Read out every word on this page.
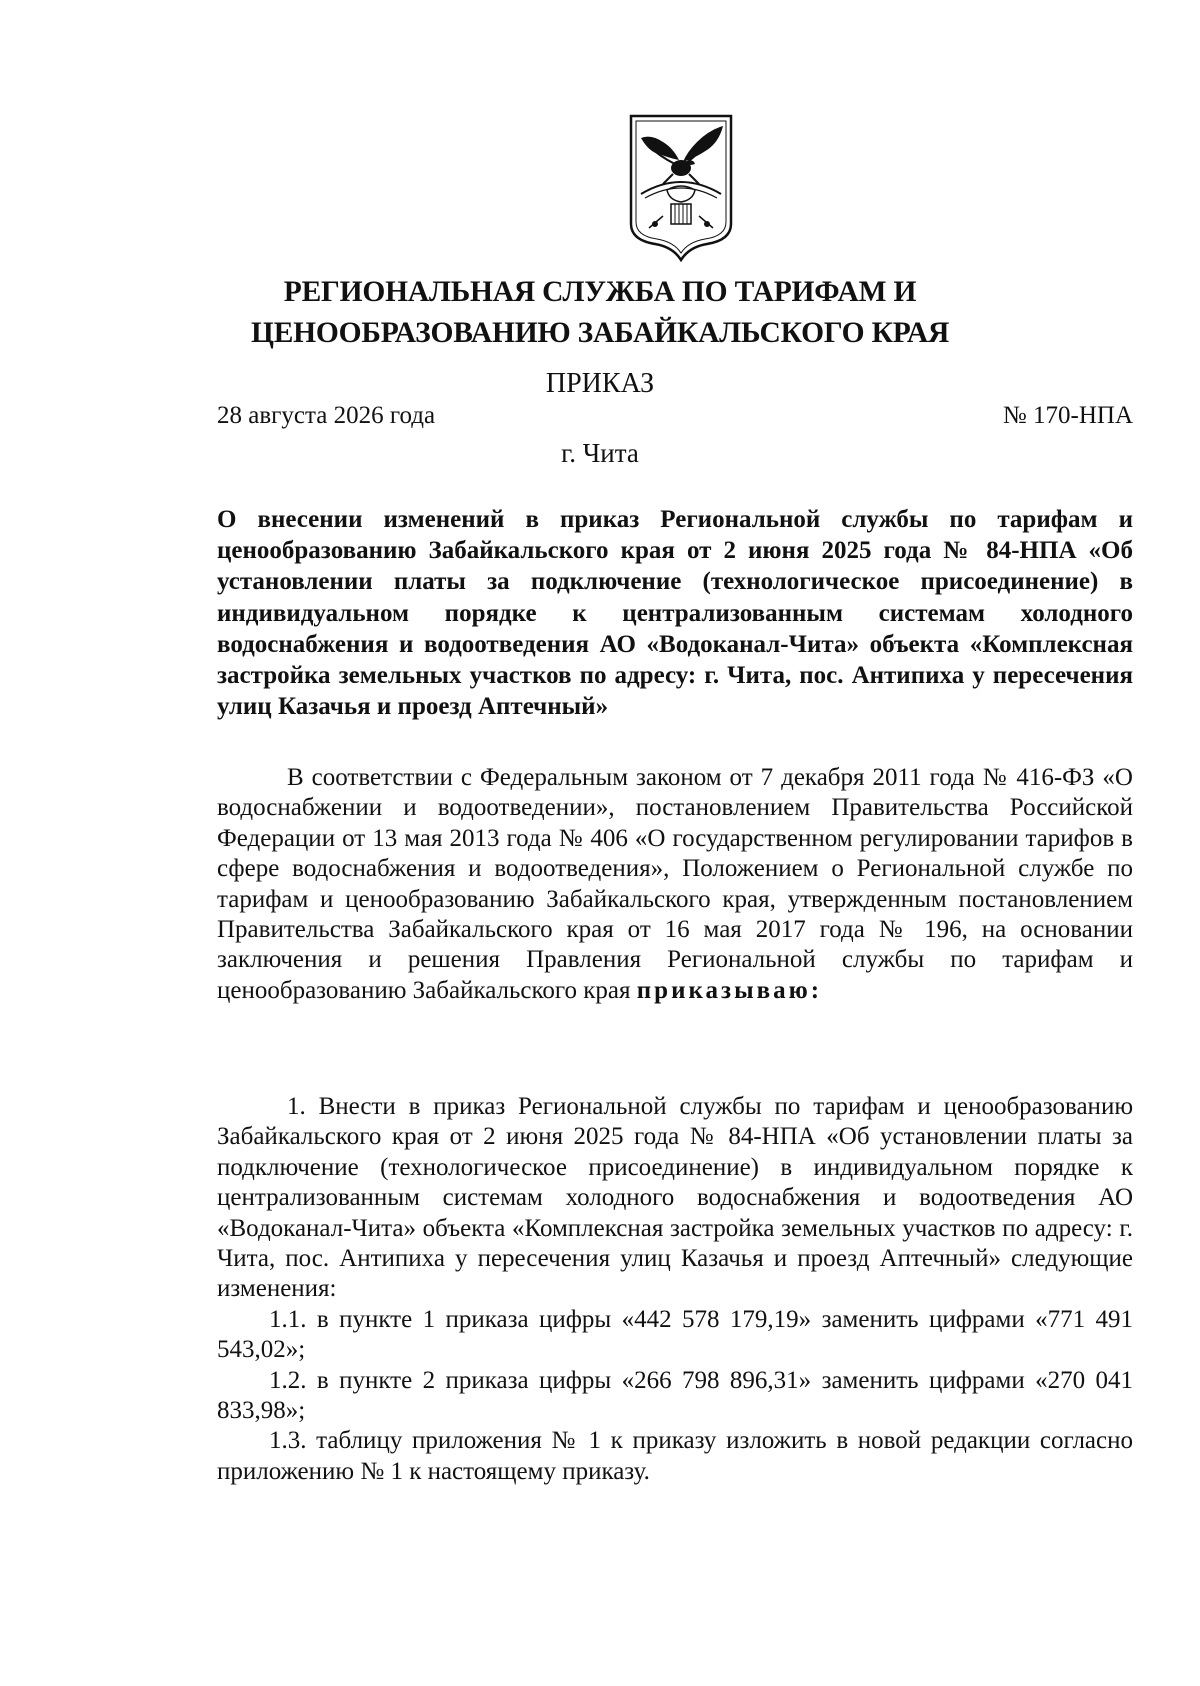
РЕГИОНАЛЬНАЯ СЛУЖБА ПО ТАРИФАМ И
ЦЕНООБРАЗОВАНИЮ ЗАБАЙКАЛЬСКОГО КРАЯ
ПРИКАЗ
28 августа 2026 года	№ 170-НПА
г. Чита

О внесении изменений в приказ Региональной службы по тарифам и ценообразованию Забайкальского края от 2 июня 2025 года № 84-НПА «Об установлении платы за подключение (технологическое присоединение) в индивидуальном порядке к централизованным системам холодного водоснабжения и водоотведения АО «Водоканал-Чита» объекта «Комплексная застройка земельных участков по адресу: г. Чита, пос. Антипиха у пересечения улиц Казачья и проезд Аптечный»

В соответствии с Федеральным законом от 7 декабря 2011 года № 416-ФЗ «О водоснабжении и водоотведении», постановлением Правительства Российской Федерации от 13 мая 2013 года № 406 «О государственном регулировании тарифов в сфере водоснабжения и водоотведения», Положением о Региональной службе по тарифам и ценообразованию Забайкальского края, утвержденным постановлением Правительства Забайкальского края от 16 мая 2017 года № 196, на основании заключения и решения Правления Региональной службы по тарифам и ценообразованию Забайкальского края приказываю:

1. Внести в приказ Региональной службы по тарифам и ценообразованию Забайкальского края от 2 июня 2025 года № 84-НПА «Об установлении платы за подключение (технологическое присоединение) в индивидуальном порядке к централизованным системам холодного водоснабжения и водоотведения АО «Водоканал-Чита» объекта «Комплексная застройка земельных участков по адресу: г. Чита, пос. Антипиха у пересечения улиц Казачья и проезд Аптечный» следующие изменения:

1.1. в пункте 1 приказа цифры «442 578 179,19» заменить цифрами «771 491 543,02»;

1.2. в пункте 2 приказа цифры «266 798 896,31» заменить цифрами «270 041 833,98»;

1.3. таблицу приложения № 1 к приказу изложить в новой редакции согласно приложению № 1 к настоящему приказу.
